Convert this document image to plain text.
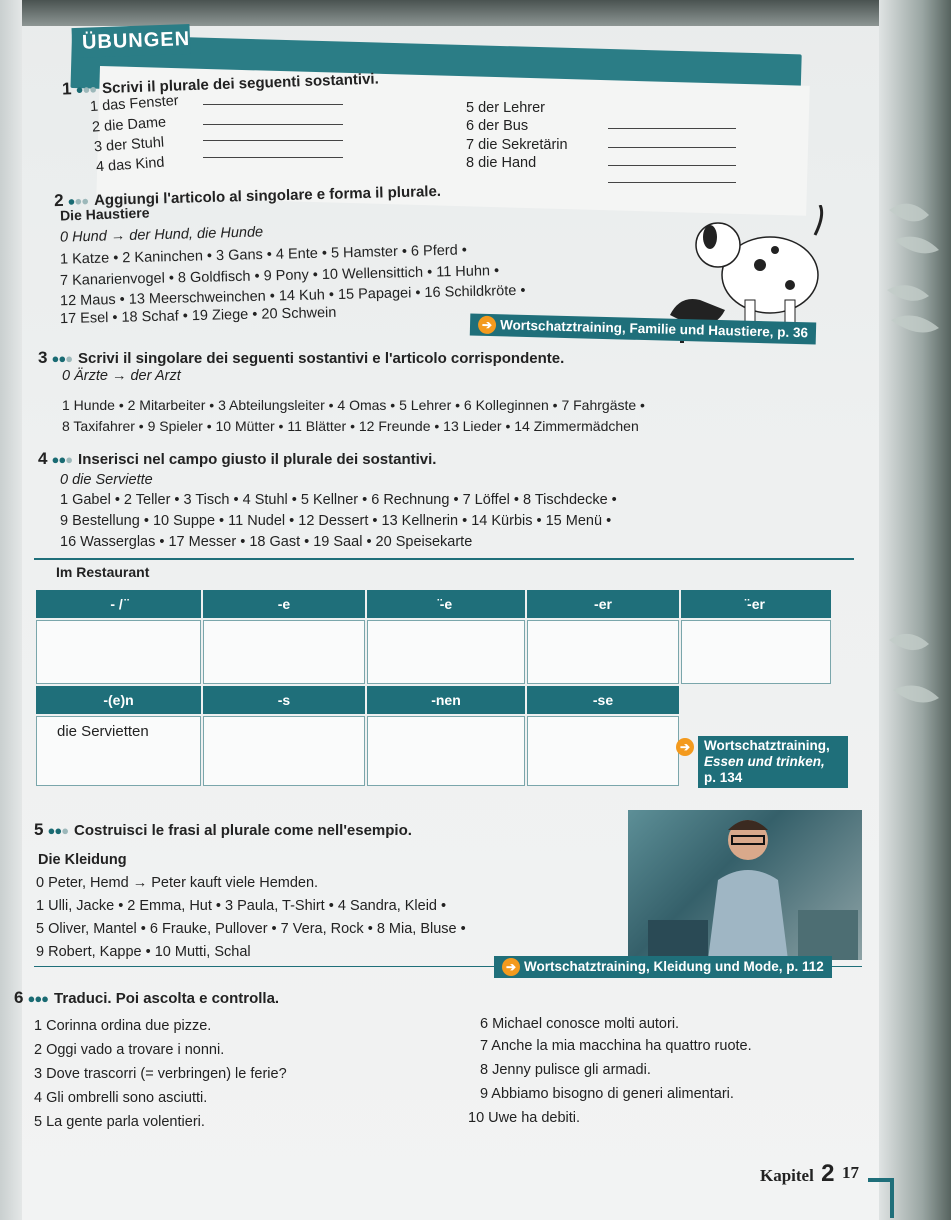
ÜBUNGEN
1 ●●● Scrivi il plurale dei seguenti sostantivi.
1 das Fenster
2 die Dame
3 der Stuhl
4 das Kind
5 der Lehrer
6 der Bus
7 die Sekretärin
8 die Hand
2 ●●● Aggiungi l'articolo al singolare e forma il plurale.
Die Haustiere
0 Hund → der Hund, die Hunde
1 Katze • 2 Kaninchen • 3 Gans • 4 Ente • 5 Hamster • 6 Pferd •
7 Kanarienvogel • 8 Goldfisch • 9 Pony • 10 Wellensittich • 11 Huhn •
12 Maus • 13 Meerschweinchen • 14 Kuh • 15 Papagei • 16 Schildkröte •
17 Esel • 18 Schaf • 19 Ziege • 20 Schwein	➔ Wortschatztraining, Familie und Haustiere, p. 36
3 ●●● Scrivi il singolare dei seguenti sostantivi e l'articolo corrispondente.
0 Ärzte → der Arzt
1 Hunde • 2 Mitarbeiter • 3 Abteilungsleiter • 4 Omas • 5 Lehrer • 6 Kolleginnen • 7 Fahrgäste •
8 Taxifahrer • 9 Spieler • 10 Mütter • 11 Blätter • 12 Freunde • 13 Lieder • 14 Zimmermädchen
4 ●●● Inserisci nel campo giusto il plurale dei sostantivi.
0 die Serviette
1 Gabel • 2 Teller • 3 Tisch • 4 Stuhl • 5 Kellner • 6 Rechnung • 7 Löffel • 8 Tischdecke •
9 Bestellung • 10 Suppe • 11 Nudel • 12 Dessert • 13 Kellnerin • 14 Kürbis • 15 Menü •
16 Wasserglas • 17 Messer • 18 Gast • 19 Saal • 20 Speisekarte
Im Restaurant
- / ̈	-e	̈-e	-er	̈-er
-(e)n	-s	-nen	-se
die Servietten
➔ Wortschatztraining,
Essen und trinken,
p. 134
5 ●●● Costruisci le frasi al plurale come nell'esempio.
Die Kleidung
0 Peter, Hemd → Peter kauft viele Hemden.
1 Ulli, Jacke • 2 Emma, Hut • 3 Paula, T-Shirt • 4 Sandra, Kleid •
5 Oliver, Mantel • 6 Frauke, Pullover • 7 Vera, Rock • 8 Mia, Bluse •
9 Robert, Kappe • 10 Mutti, Schal
➔ Wortschatztraining, Kleidung und Mode, p. 112
6 ●●● Traduci. Poi ascolta e controlla.
1 Corinna ordina due pizze.
2 Oggi vado a trovare i nonni.
3 Dove trascorri (= verbringen) le ferie?
4 Gli ombrelli sono asciutti.
5 La gente parla volentieri.
6 Michael conosce molti autori.
7 Anche la mia macchina ha quattro ruote.
8 Jenny pulisce gli armadi.
9 Abbiamo bisogno di generi alimentari.
10 Uwe ha debiti.
Kapitel 2 17
